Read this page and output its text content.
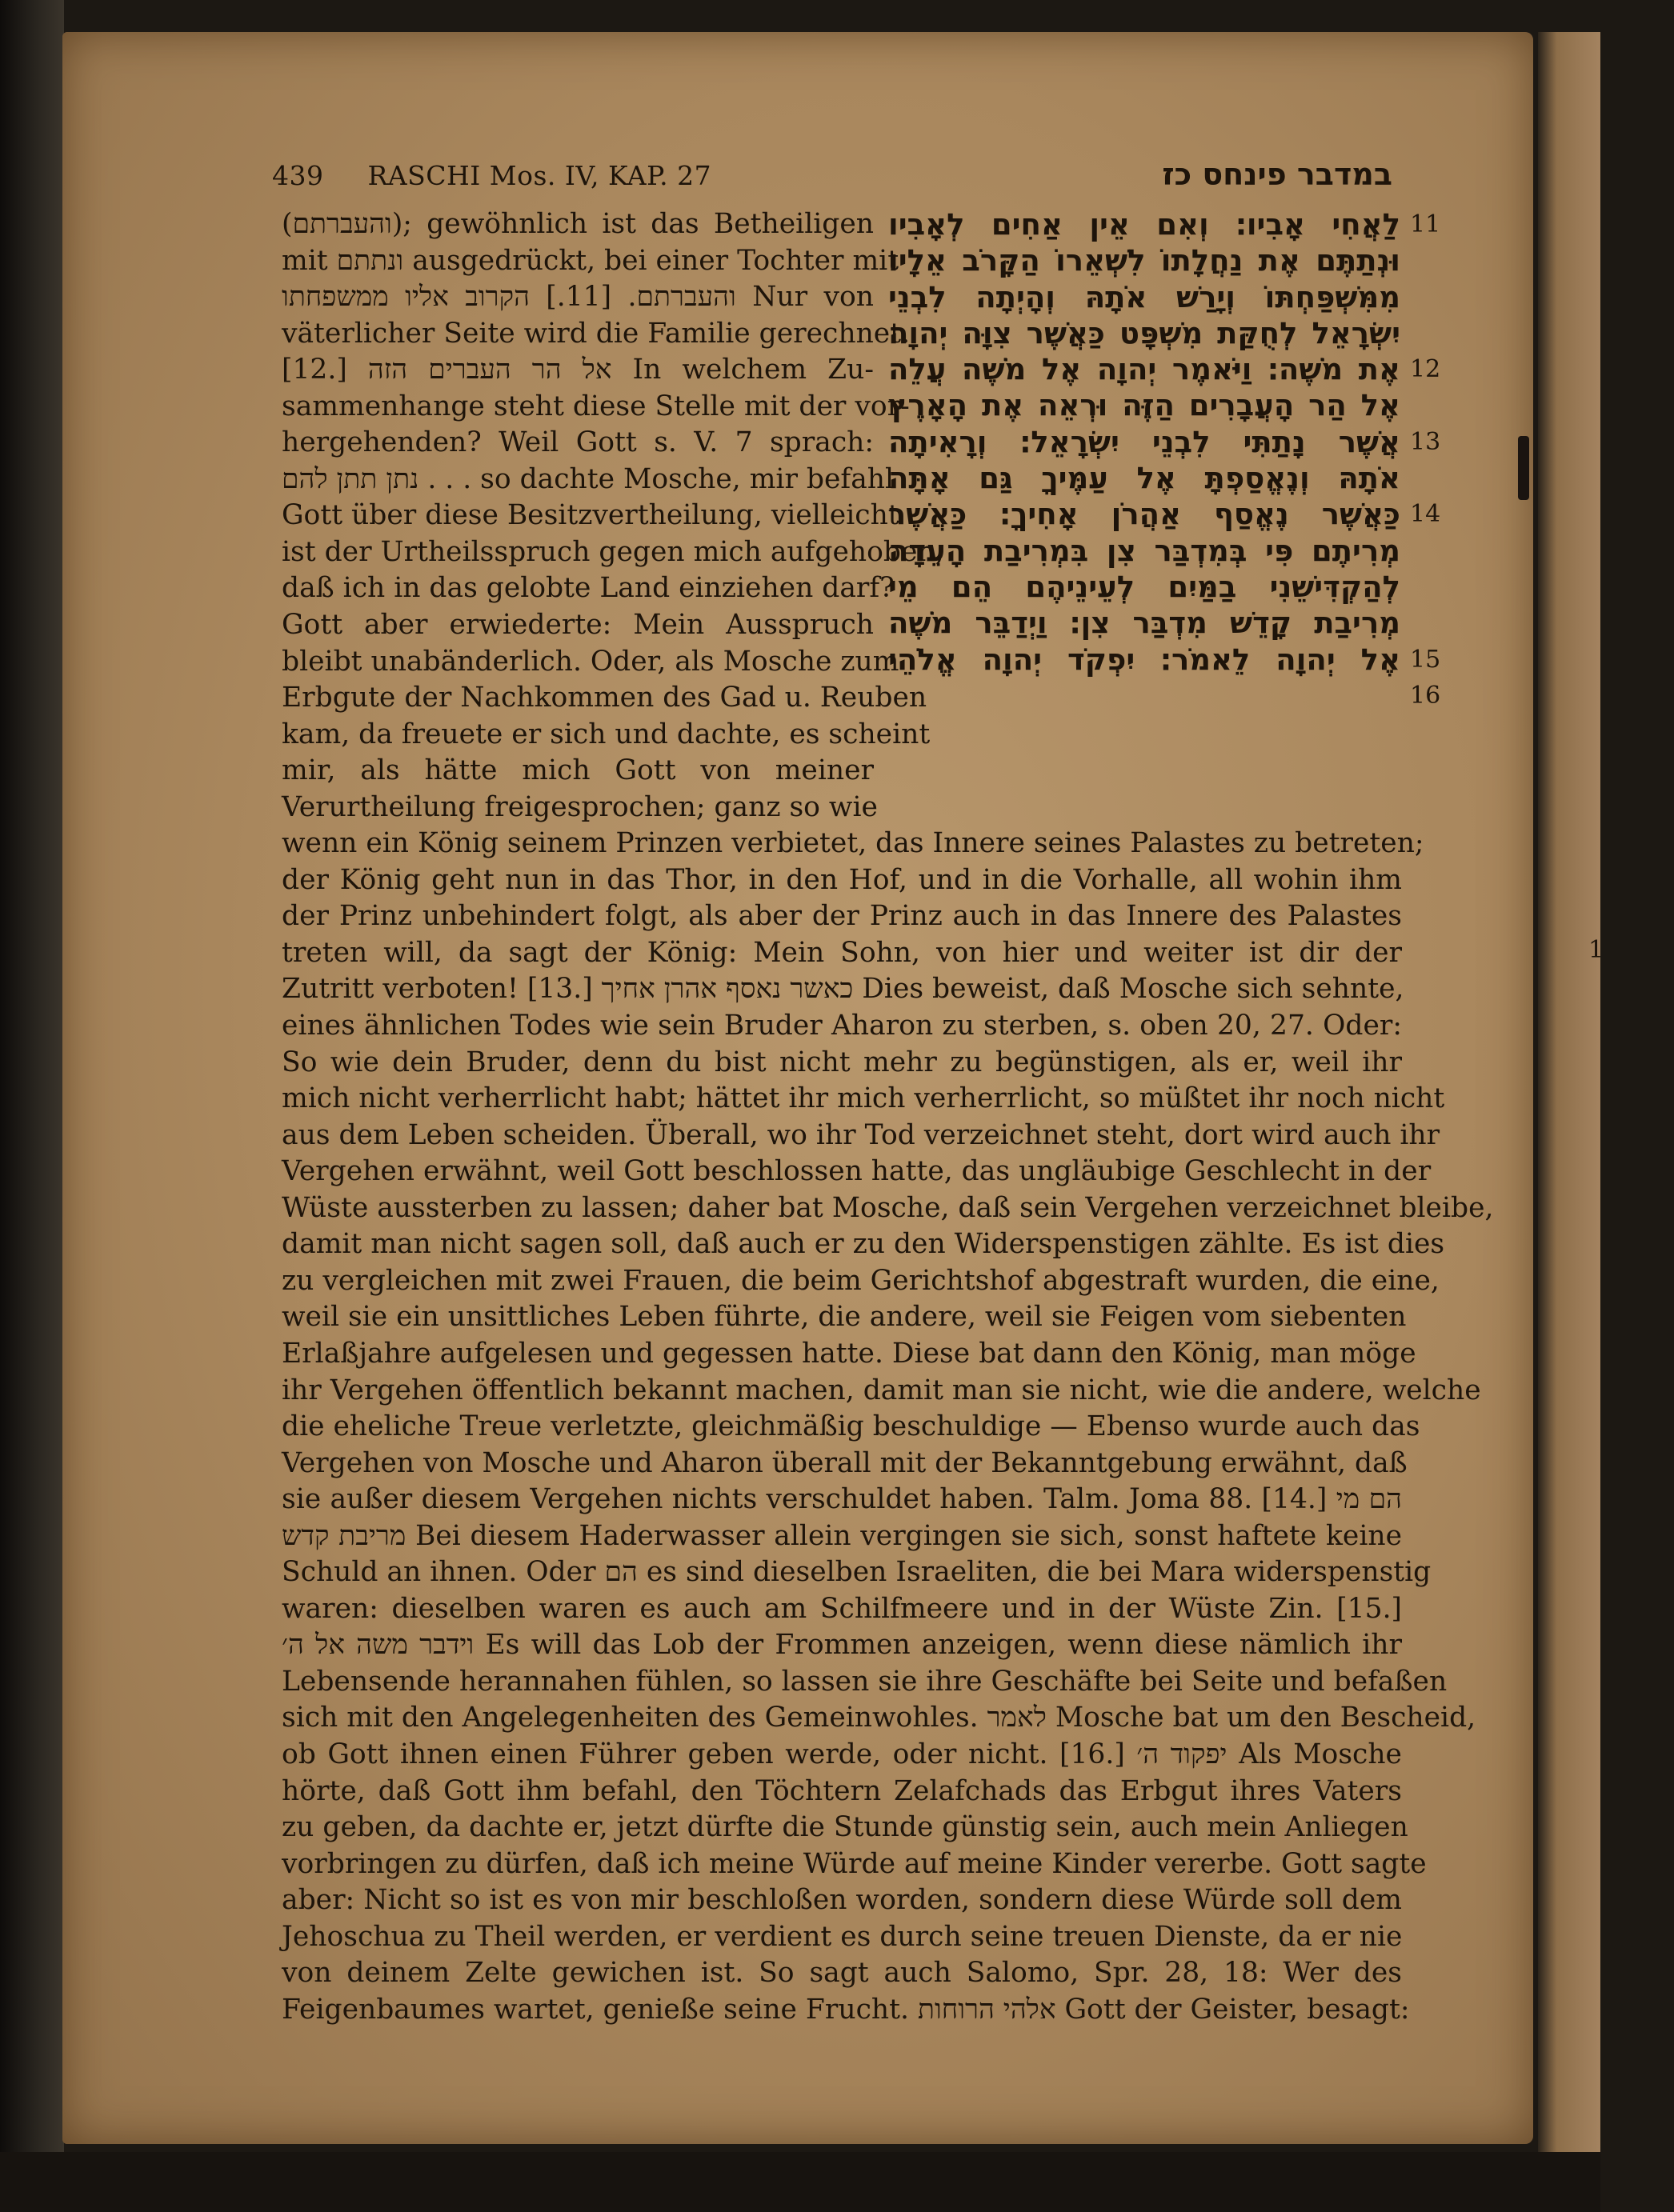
1
439 RASCHI Mos. IV, KAP. 27	במדבר פינחס כז
לַאֲחִי אָבִיו׃ וְאִם אֵין אַחִים לְאָבִיו
וּנְתַתֶּם אֶת נַחֲלָתוֹ לִשְׁאֵרוֹ הַקָּרֹב אֵלָיו
מִמִּשְׁפַּחְתּוֹ וְיָרַשׁ אֹתָהּ וְהָיְתָה לִבְנֵי
יִשְׂרָאֵל לְחֻקַּת מִשְׁפָּט כַּאֲשֶׁר צִוָּה יְהוָה
אֶת מֹשֶׁה׃ וַיֹּאמֶר יְהוָה אֶל מֹשֶׁה עֲלֵה
אֶל הַר הָעֲבָרִים הַזֶּה וּרְאֵה אֶת הָאָרֶץ
אֲשֶׁר נָתַתִּי לִבְנֵי יִשְׂרָאֵל׃ וְרָאִיתָה
אֹתָהּ וְנֶאֱסַפְתָּ אֶל עַמֶּיךָ גַּם אָתָּה
כַּאֲשֶׁר נֶאֱסַף אַהֲרֹן אָחִיךָ׃ כַּאֲשֶׁר
מְרִיתֶם פִּי בְּמִדְבַּר צִן בִּמְרִיבַת הָעֵדָה
לְהַקְדִּישֵׁנִי בַמַּיִם לְעֵינֵיהֶם הֵם מֵי
מְרִיבַת קָדֵשׁ מִדְבַּר צִן׃ וַיְדַבֵּר מֹשֶׁה
אֶל יְהוָה לֵאמֹר׃ יִפְקֹד יְהוָה אֱלֹהֵי
11
12
13
14
15
16
(והעברתם); gewöhnlich ist das Betheiligen
mit ונתתם ausgedrückt, bei einer Tochter mit
והעברתם. [11.] הקרוב אליו ממשפחתו Nur von
väterlicher Seite wird die Familie gerechnet.
[12.] אל הר העברים הזה In welchem Zu-
sammenhange steht diese Stelle mit der vor-
hergehenden? Weil Gott s. V. 7 sprach:
נתן תתן להם . . . so dachte Mosche, mir befahl
Gott über diese Besitzvertheilung, vielleicht
ist der Urtheilsspruch gegen mich aufgehoben,
daß ich in das gelobte Land einziehen darf?
Gott aber erwiederte: Mein Ausspruch
bleibt unabänderlich. Oder, als Mosche zum
Erbgute der Nachkommen des Gad u. Reuben
kam, da freuete er sich und dachte, es scheint
mir, als hätte mich Gott von meiner
Verurtheilung freigesprochen; ganz so wie
wenn ein König seinem Prinzen verbietet, das Innere seines Palastes zu betreten;
der König geht nun in das Thor, in den Hof, und in die Vorhalle, all wohin ihm
der Prinz unbehindert folgt, als aber der Prinz auch in das Innere des Palastes
treten will, da sagt der König: Mein Sohn, von hier und weiter ist dir der
Zutritt verboten! [13.] כאשר נאסף אהרן אחיך Dies beweist, daß Mosche sich sehnte,
eines ähnlichen Todes wie sein Bruder Aharon zu sterben, s. oben 20, 27. Oder:
So wie dein Bruder, denn du bist nicht mehr zu begünstigen, als er, weil ihr
mich nicht verherrlicht habt; hättet ihr mich verherrlicht, so müßtet ihr noch nicht
aus dem Leben scheiden. Überall, wo ihr Tod verzeichnet steht, dort wird auch ihr
Vergehen erwähnt, weil Gott beschlossen hatte, das ungläubige Geschlecht in der
Wüste aussterben zu lassen; daher bat Mosche, daß sein Vergehen verzeichnet bleibe,
damit man nicht sagen soll, daß auch er zu den Widerspenstigen zählte. Es ist dies
zu vergleichen mit zwei Frauen, die beim Gerichtshof abgestraft wurden, die eine,
weil sie ein unsittliches Leben führte, die andere, weil sie Feigen vom siebenten
Erlaßjahre aufgelesen und gegessen hatte. Diese bat dann den König, man möge
ihr Vergehen öffentlich bekannt machen, damit man sie nicht, wie die andere, welche
die eheliche Treue verletzte, gleichmäßig beschuldige — Ebenso wurde auch das
Vergehen von Mosche und Aharon überall mit der Bekanntgebung erwähnt, daß
sie außer diesem Vergehen nichts verschuldet haben. Talm. Joma 88. [14.] הם מי
מריבת קדש Bei diesem Haderwasser allein vergingen sie sich, sonst haftete keine
Schuld an ihnen. Oder הם es sind dieselben Israeliten, die bei Mara widerspenstig
waren: dieselben waren es auch am Schilfmeere und in der Wüste Zin. [15.]
וידבר משה אל ה׳ Es will das Lob der Frommen anzeigen, wenn diese nämlich ihr
Lebensende herannahen fühlen, so lassen sie ihre Geschäfte bei Seite und befaßen
sich mit den Angelegenheiten des Gemeinwohles. לאמר Mosche bat um den Bescheid,
ob Gott ihnen einen Führer geben werde, oder nicht. [16.] יפקוד ה׳ Als Mosche
hörte, daß Gott ihm befahl, den Töchtern Zelafchads das Erbgut ihres Vaters
zu geben, da dachte er, jetzt dürfte die Stunde günstig sein, auch mein Anliegen
vorbringen zu dürfen, daß ich meine Würde auf meine Kinder vererbe. Gott sagte
aber: Nicht so ist es von mir beschloßen worden, sondern diese Würde soll dem
Jehoschua zu Theil werden, er verdient es durch seine treuen Dienste, da er nie
von deinem Zelte gewichen ist. So sagt auch Salomo, Spr. 28, 18: Wer des
Feigenbaumes wartet, genieße seine Frucht. אלהי הרוחות Gott der Geister, besagt:
